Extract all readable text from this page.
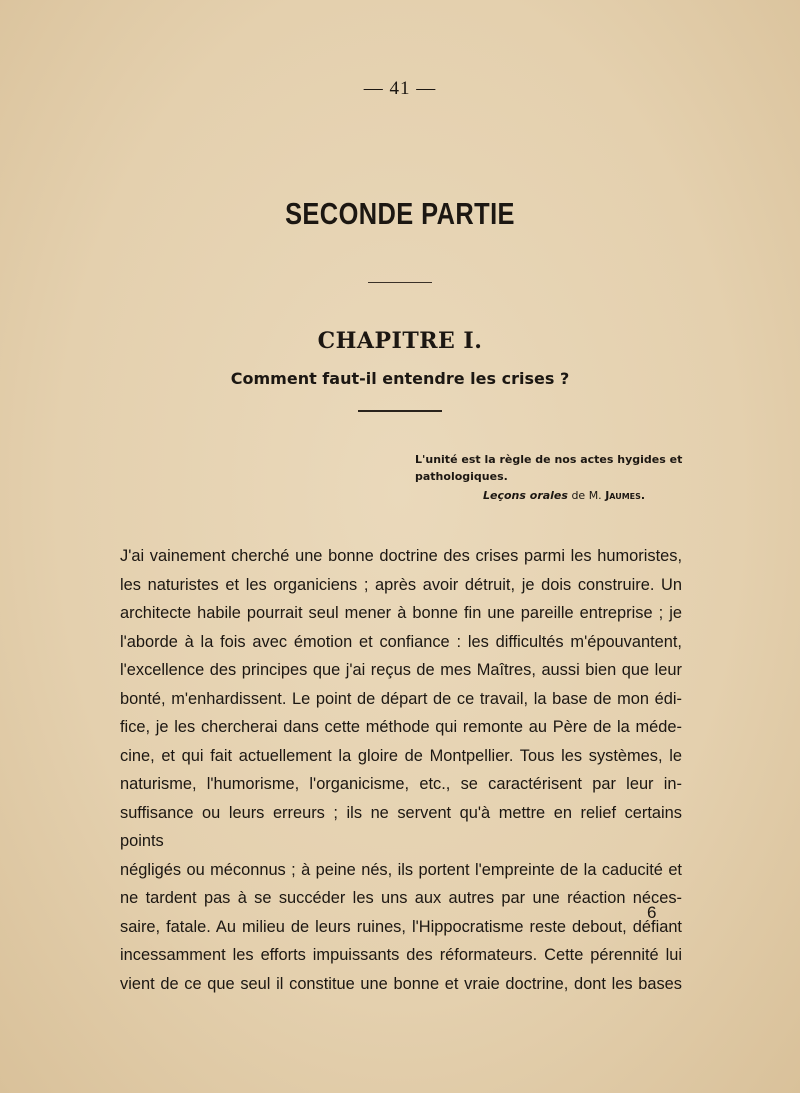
— 41 —
SECONDE PARTIE
CHAPITRE I.
Comment faut-il entendre les crises ?
L'unité est la règle de nos actes hygides et pathologiques.
Leçons orales de M. Jaumes.
J'ai vainement cherché une bonne doctrine des crises parmi les humoristes,
les naturistes et les organiciens ; après avoir détruit, je dois construire. Un
architecte habile pourrait seul mener à bonne fin une pareille entreprise ; je
l'aborde à la fois avec émotion et confiance : les difficultés m'épouvantent,
l'excellence des principes que j'ai reçus de mes Maîtres, aussi bien que leur
bonté, m'enhardissent. Le point de départ de ce travail, la base de mon édi-
fice, je les chercherai dans cette méthode qui remonte au Père de la méde-
cine, et qui fait actuellement la gloire de Montpellier. Tous les systèmes, le
naturisme, l'humorisme, l'organicisme, etc., se caractérisent par leur in-
suffisance ou leurs erreurs ; ils ne servent qu'à mettre en relief certains points
négligés ou méconnus ; à peine nés, ils portent l'empreinte de la caducité et
ne tardent pas à se succéder les uns aux autres par une réaction néces-
saire, fatale. Au milieu de leurs ruines, l'Hippocratisme reste debout, défiant
incessamment les efforts impuissants des réformateurs. Cette pérennité lui
vient de ce que seul il constitue une bonne et vraie doctrine, dont les bases
6
